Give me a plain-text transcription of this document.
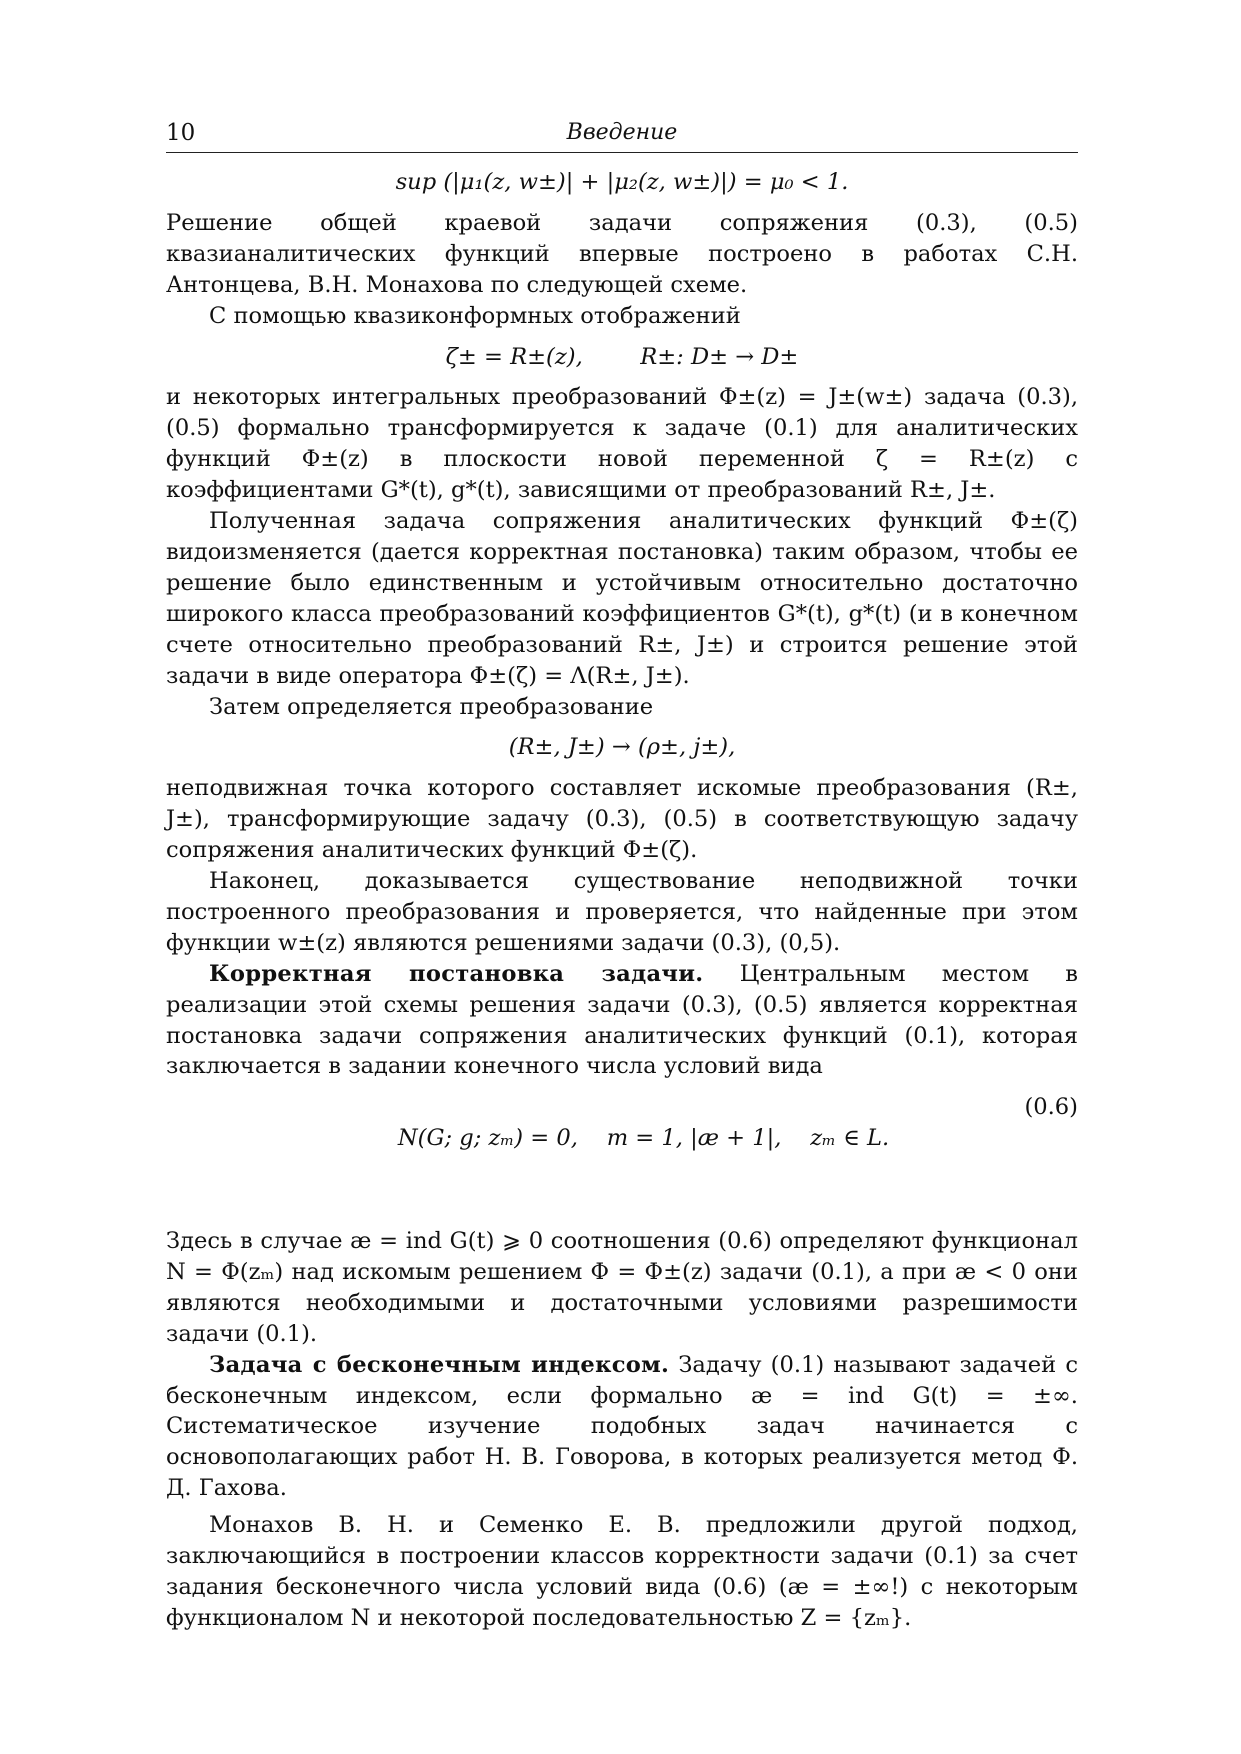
10	Введение
sup (|μ₁(z, w±)| + |μ₂(z, w±)|) = μ₀ < 1.

Решение общей краевой задачи сопряжения (0.3), (0.5) квазианалитических функций впервые построено в работах С.Н. Антонцева, В.Н. Монахова по следующей схеме.

С помощью квазиконформных отображений

ζ± = R±(z),        R±: D± → D±

и некоторых интегральных преобразований Φ±(z) = J±(w±) задача (0.3), (0.5) формально трансформируется к задаче (0.1) для аналитических функций Φ±(z) в плоскости новой переменной ζ = R±(z) с коэффициентами G*(t), g*(t), зависящими от преобразований R±, J±.

Полученная задача сопряжения аналитических функций Φ±(ζ) видоизменяется (дается корректная постановка) таким образом, чтобы ее решение было единственным и устойчивым относительно достаточно широкого класса преобразований коэффициентов G*(t), g*(t) (и в конечном счете относительно преобразований R±, J±) и строится решение этой задачи в виде оператора Φ±(ζ) = Λ(R±, J±).

Затем определяется преобразование

(R±, J±) → (ρ±, j±),

неподвижная точка которого составляет искомые преобразования (R±, J±), трансформирующие задачу (0.3), (0.5) в соответствующую задачу сопряжения аналитических функций Φ±(ζ).

Наконец, доказывается существование неподвижной точки построенного преобразования и проверяется, что найденные при этом функции w±(z) являются решениями задачи (0.3), (0,5).

Корректная постановка задачи. Центральным местом в реализации этой схемы решения задачи (0.3), (0.5) является корректная постановка задачи сопряжения аналитических функций (0.1), которая заключается в задании конечного числа условий вида

N(G; g; zₘ) = 0,    m = 1, |æ + 1|,    zₘ ∈ L.

(0.6)

Здесь в случае æ = ind G(t) ⩾ 0 соотношения (0.6) определяют функционал N = Φ(zₘ) над искомым решением Φ = Φ±(z) задачи (0.1), а при æ < 0 они являются необходимыми и достаточными условиями разрешимости задачи (0.1).

Задача с бесконечным индексом. Задачу (0.1) называют задачей с бесконечным индексом, если формально æ = ind G(t) = ±∞. Систематическое изучение подобных задач начинается с основополагающих работ Н. В. Говорова, в которых реализуется метод Ф. Д. Гахова.

Монахов В. Н. и Семенко Е. В. предложили другой подход, заключающийся в построении классов корректности задачи (0.1) за счет задания бесконечного числа условий вида (0.6) (æ = ±∞!) с некоторым функционалом N и некоторой последовательностью Z = {zₘ}.
